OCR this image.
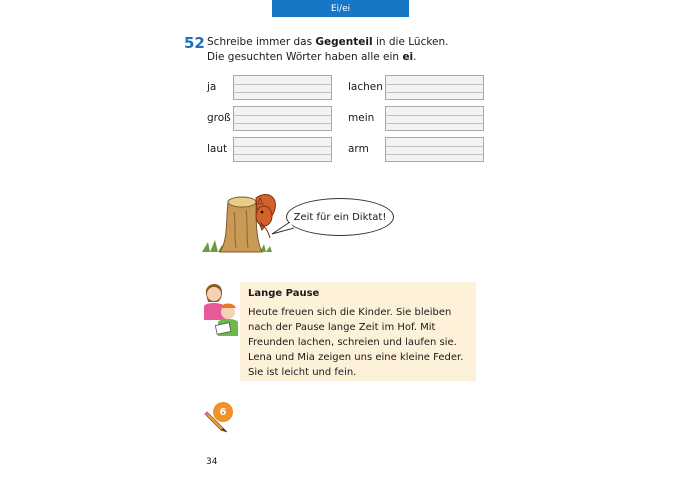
Ei/ei
52 Schreibe immer das Gegenteil in die Lücken.
Die gesuchten Wörter haben alle ein ei.
ja
groß
laut
lachen
mein
arm
Zeit für ein Diktat!
Lange Pause
Heute freuen sich die Kinder. Sie bleiben
nach der Pause lange Zeit im Hof. Mit
Freunden lachen, schreien und laufen sie.
Lena und Mia zeigen uns eine kleine Feder.
Sie ist leicht und fein.
6
34
